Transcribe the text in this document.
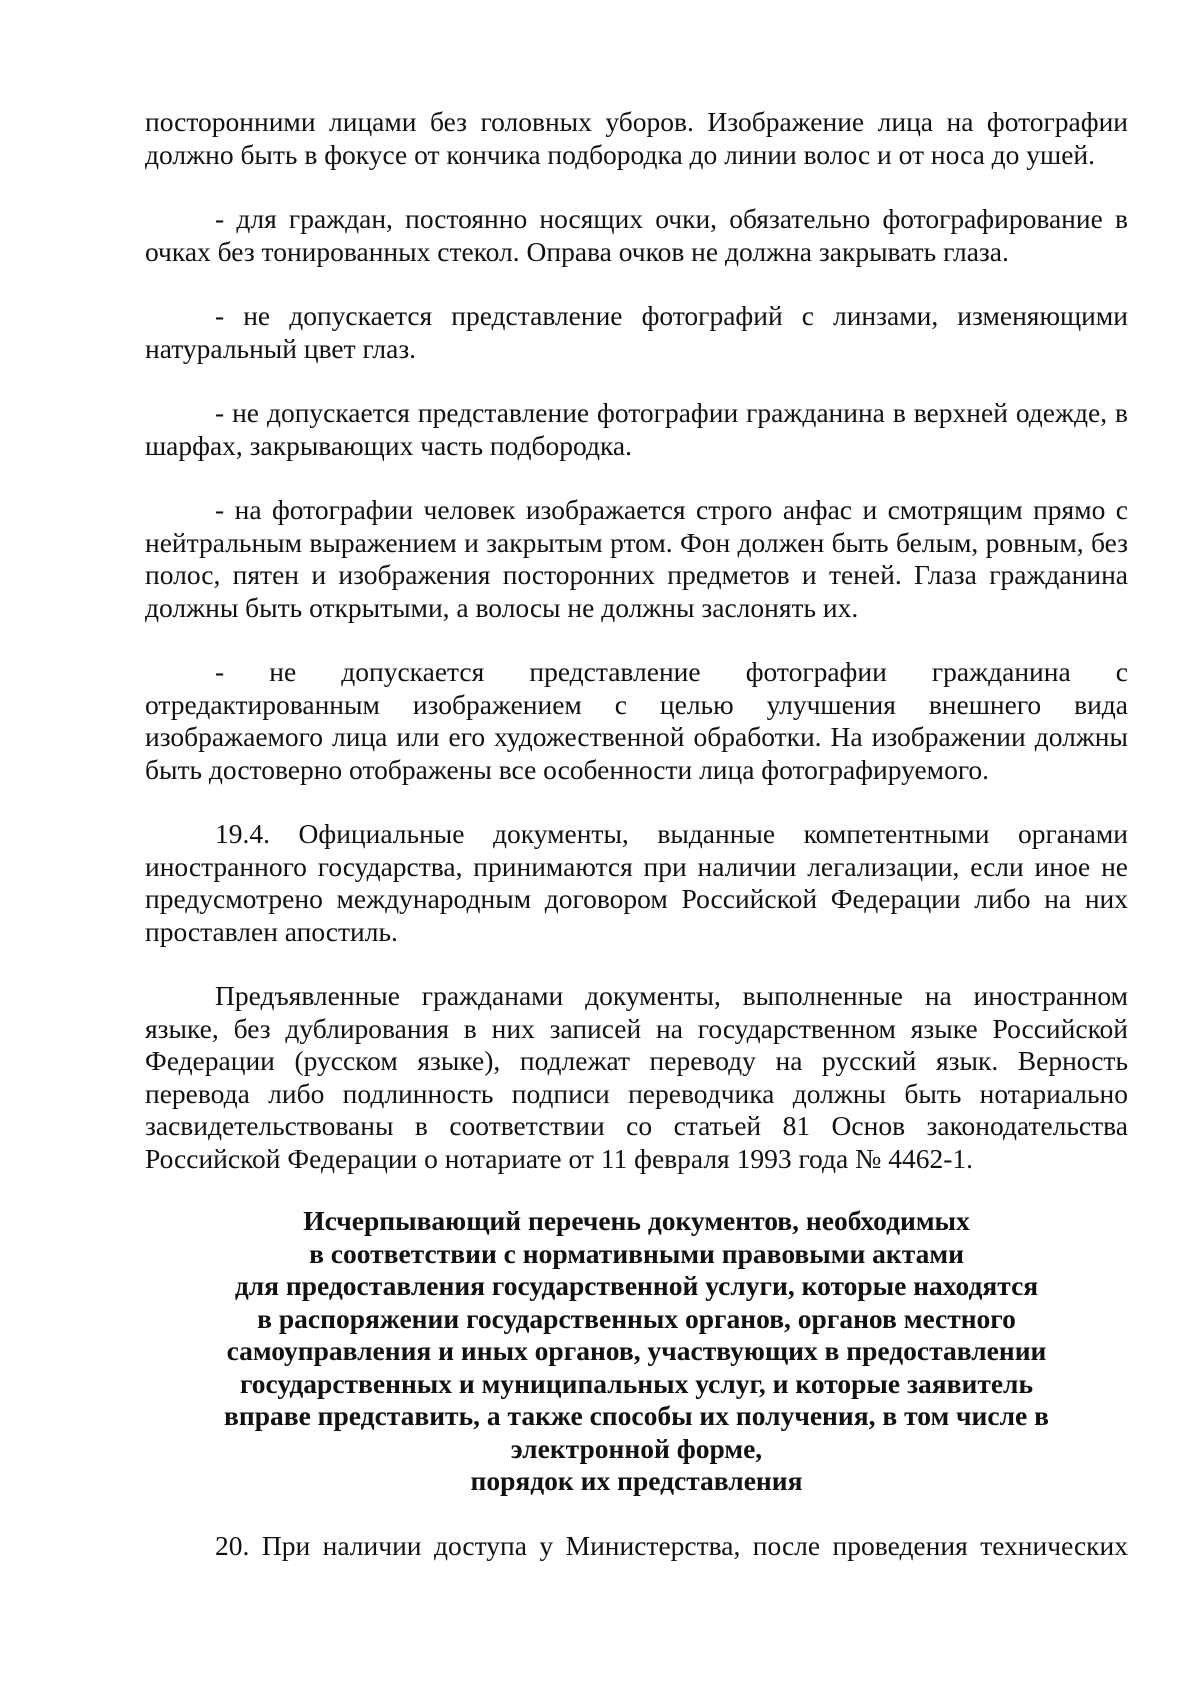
посторонними лицами без головных уборов. Изображение лица на фотографии должно быть в фокусе от кончика подбородка до линии волос и от носа до ушей.

- для граждан, постоянно носящих очки, обязательно фотографирование в очках без тонированных стекол. Оправа очков не должна закрывать глаза.

- не допускается представление фотографий с линзами, изменяющими натуральный цвет глаз.

- не допускается представление фотографии гражданина в верхней одежде, в шарфах, закрывающих часть подбородка.

- на фотографии человек изображается строго анфас и смотрящим прямо с нейтральным выражением и закрытым ртом. Фон должен быть белым, ровным, без полос, пятен и изображения посторонних предметов и теней. Глаза гражданина должны быть открытыми, а волосы не должны заслонять их.

- не допускается представление фотографии гражданина с отредактированным изображением с целью улучшения внешнего вида изображаемого лица или его художественной обработки. На изображении должны быть достоверно отображены все особенности лица фотографируемого.

19.4. Официальные документы, выданные компетентными органами иностранного государства, принимаются при наличии легализации, если иное не предусмотрено международным договором Российской Федерации либо на них проставлен апостиль.

Предъявленные гражданами документы, выполненные на иностранном языке, без дублирования в них записей на государственном языке Российской Федерации (русском языке), подлежат переводу на русский язык. Верность перевода либо подлинность подписи переводчика должны быть нотариально засвидетельствованы в соответствии со статьей 81 Основ законодательства Российской Федерации о нотариате от 11 февраля 1993 года № 4462-1.

Исчерпывающий перечень документов, необходимых
в соответствии с нормативными правовыми актами
для предоставления государственной услуги, которые находятся
в распоряжении государственных органов, органов местного
самоуправления и иных органов, участвующих в предоставлении
государственных и муниципальных услуг, и которые заявитель
вправе представить, а также способы их получения, в том числе в
электронной форме,
порядок их представления

20. При наличии доступа у Министерства, после проведения технических
